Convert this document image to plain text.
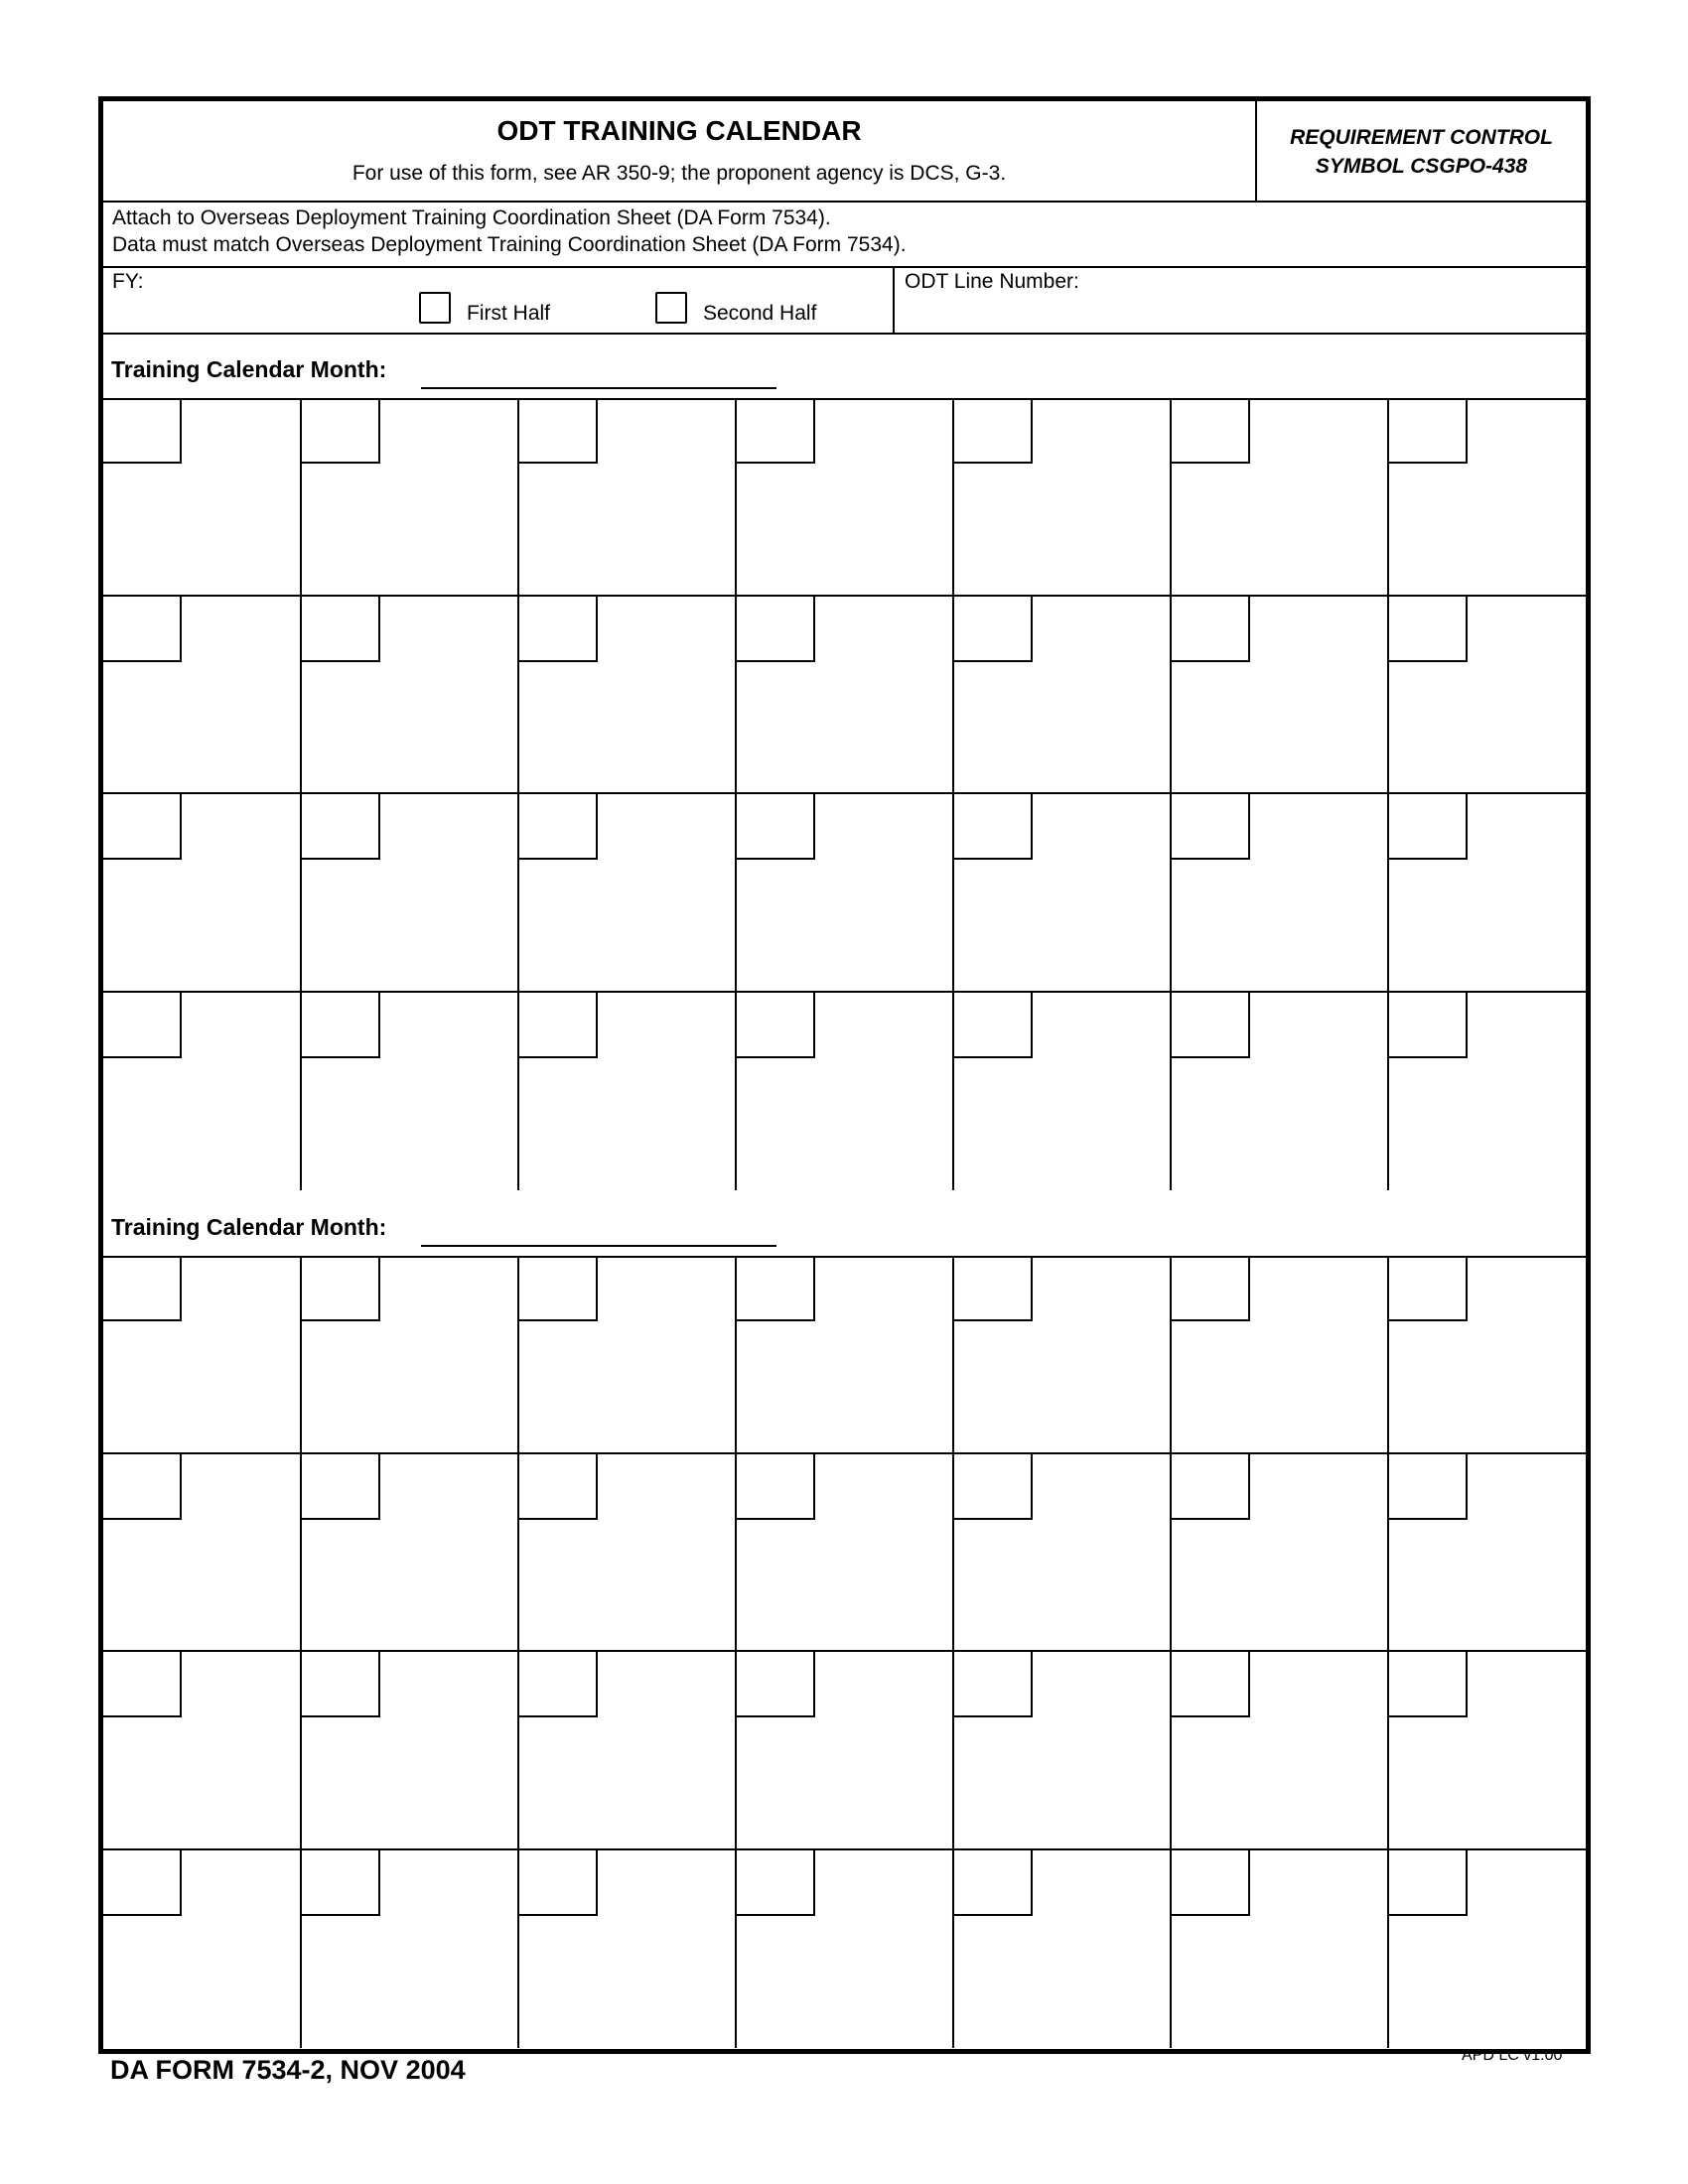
ODT TRAINING CALENDAR
For use of this form, see AR 350-9; the proponent agency is DCS, G-3.
REQUIREMENT CONTROL
SYMBOL CSGPO-438
Attach to Overseas Deployment Training Coordination Sheet (DA Form 7534).
Data must match Overseas Deployment Training Coordination Sheet (DA Form 7534).
FY:
First Half	Second Half
ODT Line Number:
Training Calendar Month:
Training Calendar Month:
DA FORM 7534-2, NOV 2004	APD LC v1.00
